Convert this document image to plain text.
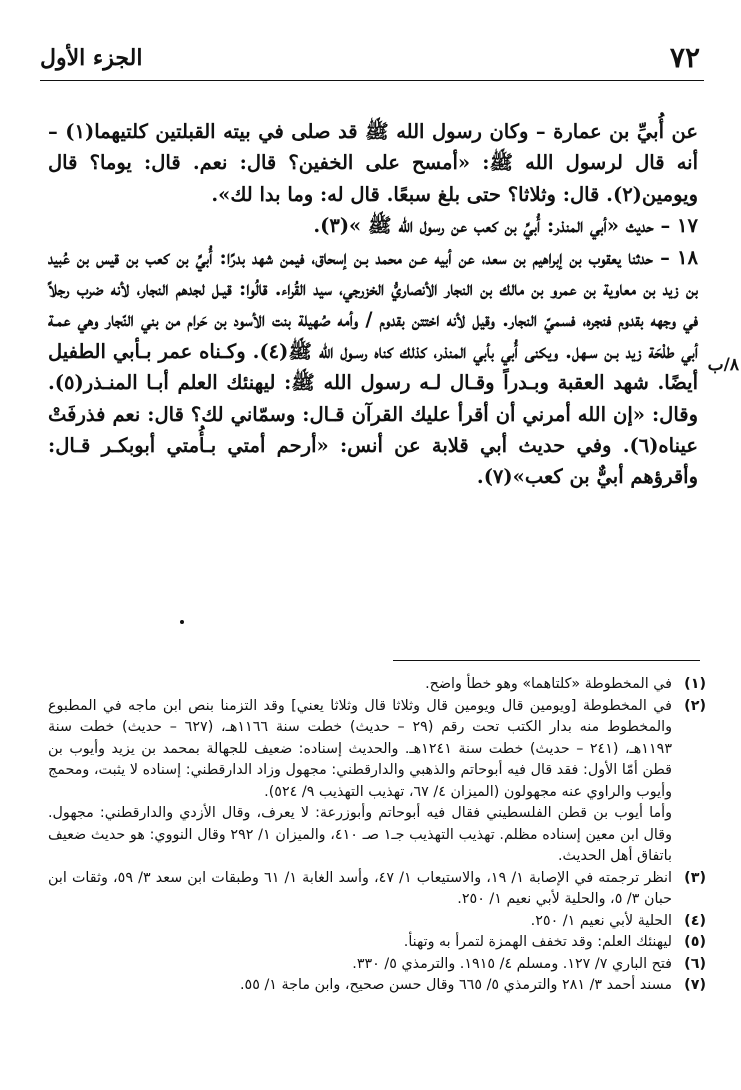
٧٢
الجزء الأول
٨/ب

عن أُبيِّ بن عمارة – وكان رسول الله ﷺ قد صلى في بيته القبلتين كلتيهما(١) – أنه قال لرسول الله ﷺ: «أمسح على الخفين؟ قال: نعم. قال: يوما؟ قال ويومين(٢). قال: وثلاثا؟ حتى بلغ سبعًا. قال له: وما بدا لك».

١٧ – حديث «أبي المنذر: أُبيِّ بن كعب عن رسول الله ﷺ »(٣).

١٨ – حدثنا يعقوب بن إبراهيم بن سعد، عن أبيه عـن محمد بـن إسحاق، فيمن شهد بدرًا: أُبيِّ بن كعب بن قيس بن عُبيد بن زيد بن معاوية بن عمرو بن مالك بن النجار الأنصاريُّ الخزرجي، سيد القُراء. قالُوا: قيـل لجدهم النجار، لأنه ضرب رجلاً في وجهه بقدوم فنجره، فسميّ النجار. وقيل لأنه اختتن بقدوم / وأمه صُهيلة بنت الأسود بن حَرام من بني النّجار وهي عمـة أبي طلْحَة زيد بـن سـهل. ويكنى أُبي بأبي المنذر، كذلك كناه رسـول الله ﷺ(٤). وكـناه عمر بـأبي الطفيل أيضًا. شهد العقبة وبـدراً وقـال لـه رسول الله ﷺ: ليهنئك العلم أبـا المنـذر(٥). وقال: «إن الله أمرني أن أقرأ عليك القرآن قـال: وسمّاني لك؟ قال: نعم فذرفَتْ عيناه(٦). وفي حديث أبي قلابة عن أنس: «أرحم أمتي بـأُمتي أبوبكـر قـال: وأقرؤهم أبيٌّ بن كعب»(٧).

(١)

في المخطوطة «كلتاهما» وهو خطأ واضح.

(٢)

في المخطوطة [ويومين قال ويومين قال وثلاثا قال وثلاثا يعني] وقد التزمنا بنص ابن ماجه في المطبوع والمخطوط منه بدار الكتب تحت رقم (٢٩ – حديث) خطت سنة ١١٦٦هـ، (٦٢٧ – حديث) خطت سنة ١١٩٣هـ، (٢٤١ – حديث) خطت سنة ١٢٤١هـ. والحديث إسناده: ضعيف للجهالة بمحمد بن يزيد وأيوب بن قطن أمّا الأول: فقد قال فيه أبوحاتم والذهبي والدارقطني: مجهول وزاد الدارقطني: إسناده لا يثبت، ومحمج وأيوب والراوي عنه مجهولون (الميزان ٤/ ٦٧، تهذيب التهذيب ٩/ ٥٢٤).

وأما أيوب بن قطن الفلسطيني فقال فيه أبوحاتم وأبوزرعة: لا يعرف، وقال الأزدي والدارقطني: مجهول. وقال ابن معين إسناده مظلم. تهذيب التهذيب جـ١ صـ ٤١٠، والميزان ١/ ٢٩٢ وقال النووي: هو حديث ضعيف باتفاق أهل الحديث.

(٣)

انظر ترجمته في الإصابة ١/ ١٩، والاستيعاب ١/ ٤٧، وأسد الغابة ١/ ٦١ وطبقات ابن سعد ٣/ ٥٩، وثقات ابن حبان ٣/ ٥، والحلية لأبي نعيم ١/ ٢٥٠.

(٤)

الحلية لأبي نعيم ١/ ٢٥٠.

(٥)

ليهنئك العلم: وقد تخفف الهمزة لتمرأ به وتهنأ.

(٦)

فتح الباري ٧/ ١٢٧. ومسلم ٤/ ١٩١٥. والترمذي ٥/ ٣٣٠.

(٧)

مسند أحمد ٣/ ٢٨١ والترمذي ٥/ ٦٦٥ وقال حسن صحيح، وابن ماجة ١/ ٥٥.
